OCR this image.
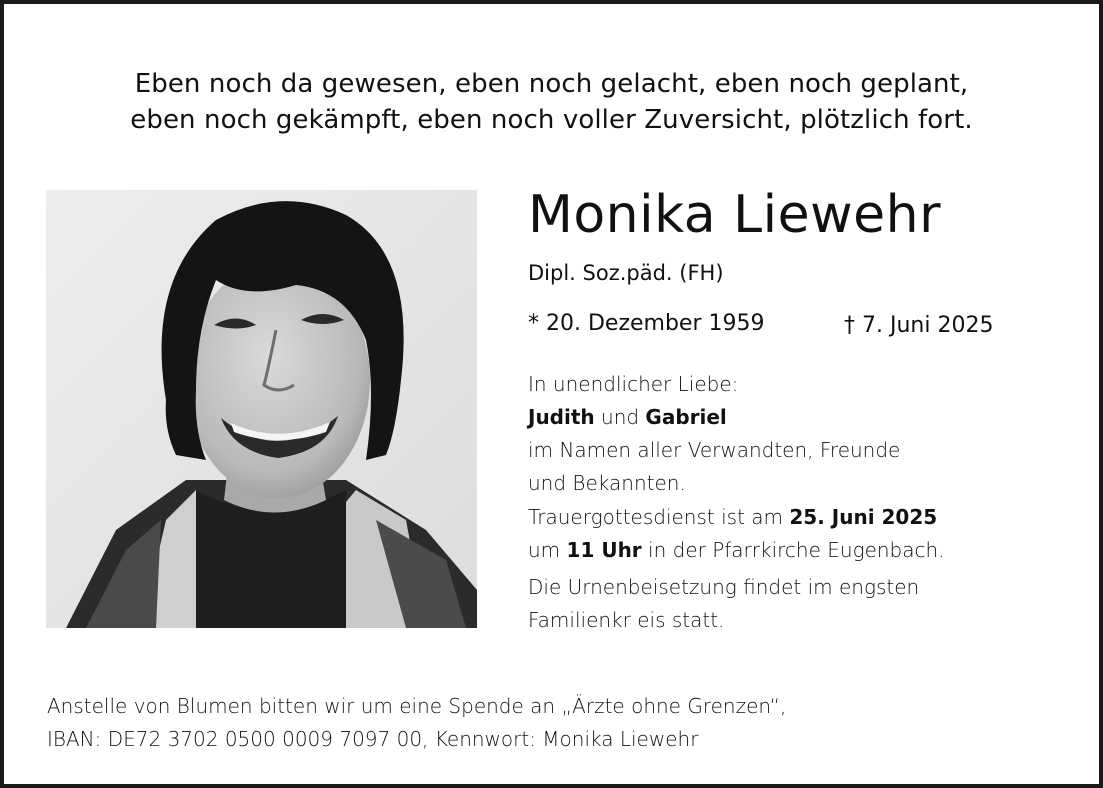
Eben noch da gewesen, eben noch gelacht, eben noch geplant,
eben noch gekämpft, eben noch voller Zuversicht, plötzlich fort.
Monika Liewehr
Dipl. Soz.päd. (FH)
* 20. Dezember 1959	† 7. Juni 2025
In unendlicher Liebe:
Judith und Gabriel
im Namen aller Verwandten, Freunde
und Bekannten.
Trauergottesdienst ist am 25. Juni 2025
um 11 Uhr in der Pfarrkirche Eugenbach.
Die Urnenbeisetzung findet im engsten
Familienkr eis statt.
Anstelle von Blumen bitten wir um eine Spende an „Ärzte ohne Grenzen“,
IBAN: DE72 3702 0500 0009 7097 00, Kennwort: Monika Liewehr
